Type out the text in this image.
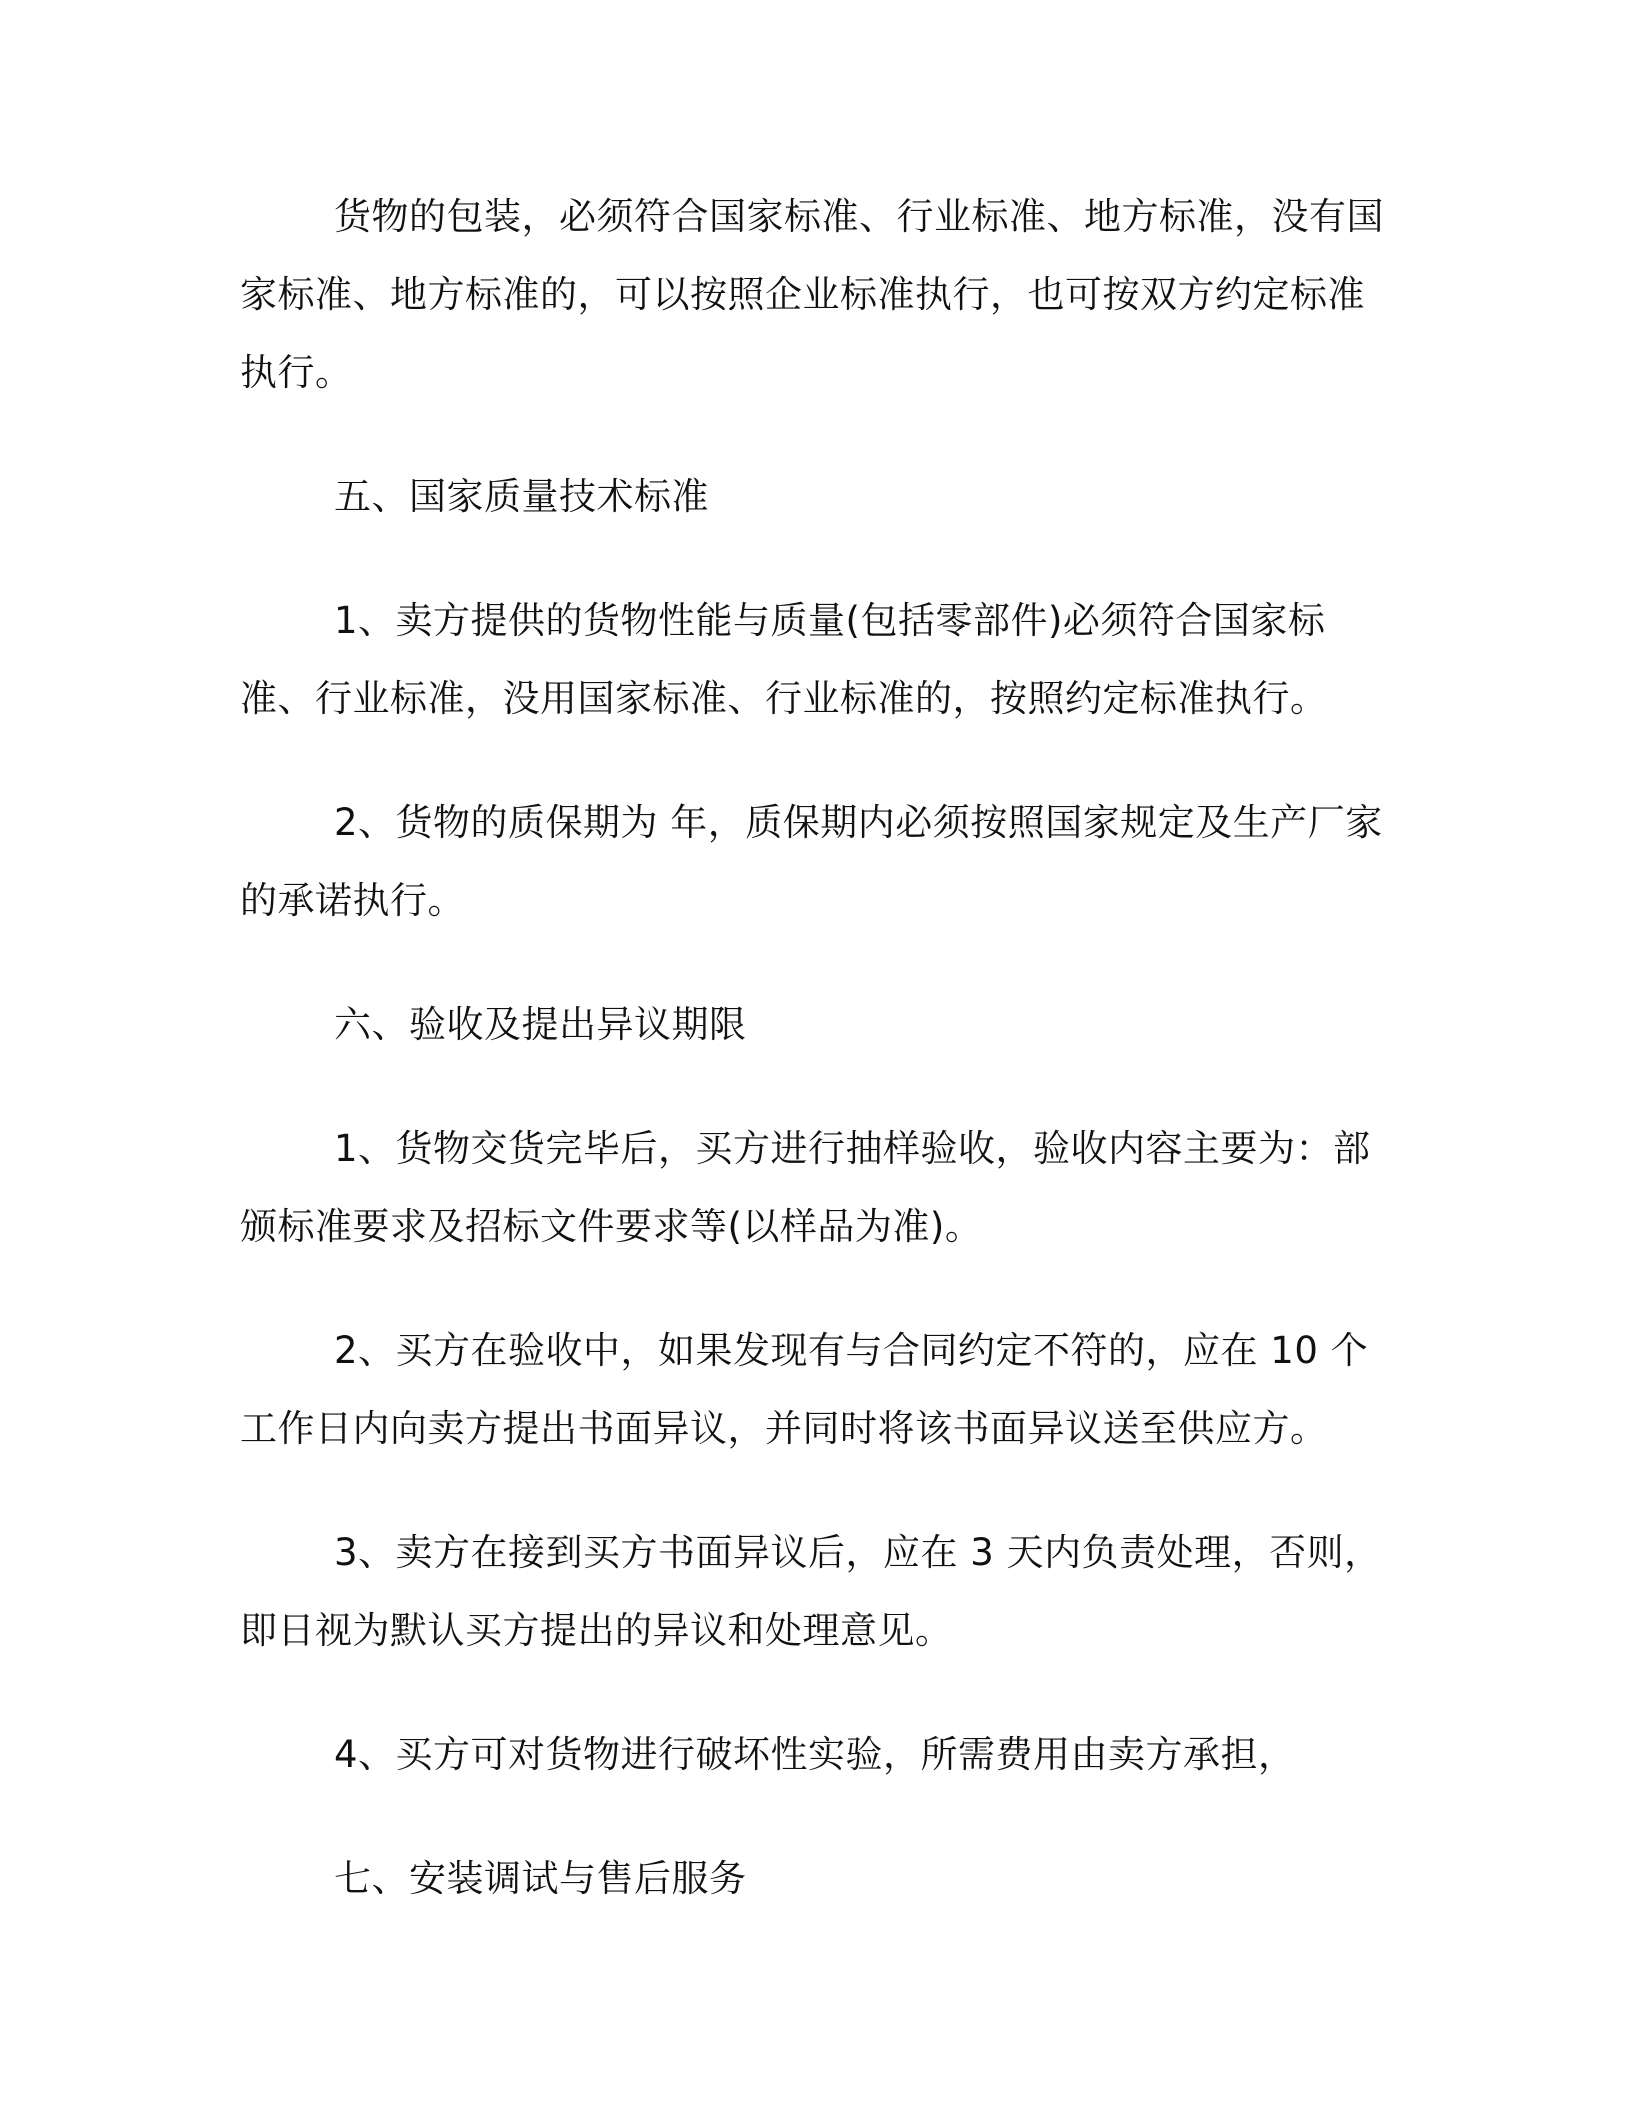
货物的包装，必须符合国家标准、行业标准、地方标准，没有国家标准、地方标准的，可以按照企业标准执行，也可按双方约定标准执行。

五、国家质量技术标准

1、卖方提供的货物性能与质量(包括零部件)必须符合国家标准、行业标准，没用国家标准、行业标准的，按照约定标准执行。

2、货物的质保期为 年，质保期内必须按照国家规定及生产厂家的承诺执行。

六、验收及提出异议期限

1、货物交货完毕后，买方进行抽样验收，验收内容主要为：部颁标准要求及招标文件要求等(以样品为准)。

2、买方在验收中，如果发现有与合同约定不符的，应在 10 个工作日内向卖方提出书面异议，并同时将该书面异议送至供应方。

3、卖方在接到买方书面异议后，应在 3 天内负责处理，否则，即日视为默认买方提出的异议和处理意见。

4、买方可对货物进行破坏性实验，所需费用由卖方承担，

七、安装调试与售后服务
